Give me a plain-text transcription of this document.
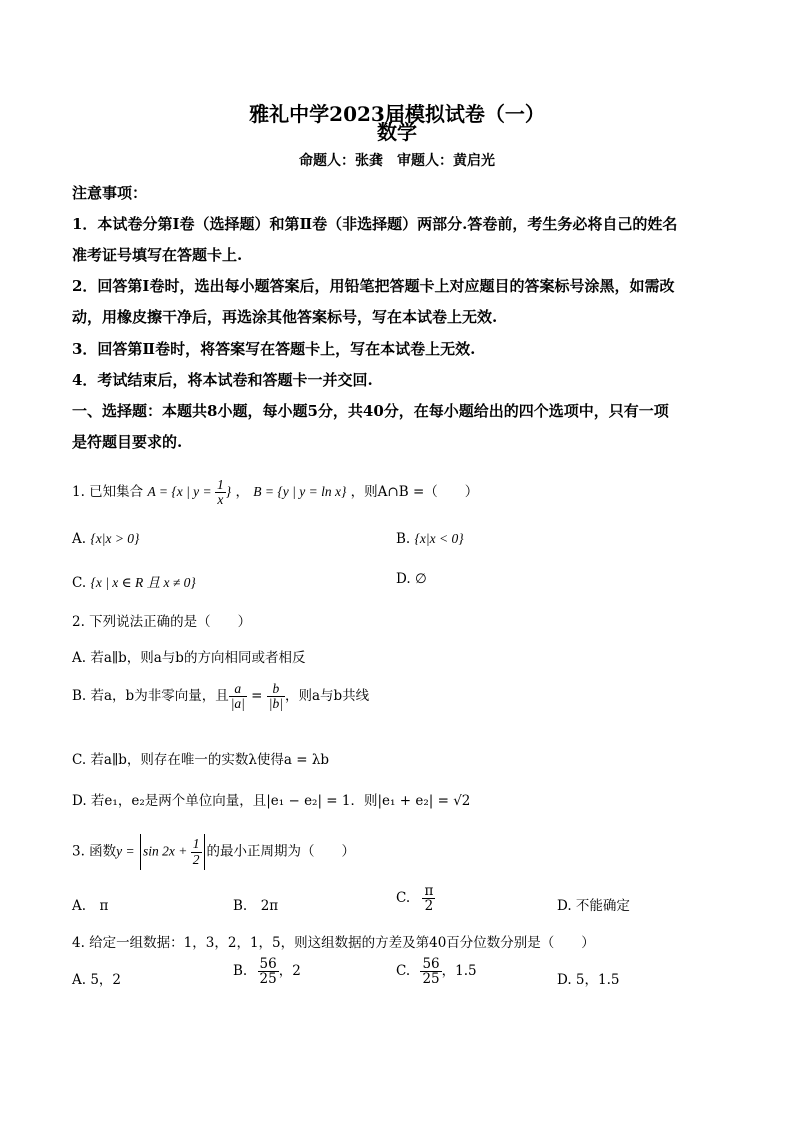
雅礼中学2023届模拟试卷（一）
数学
命题人：张龚　审题人：黄启光
注意事项：
1．本试卷分第Ⅰ卷（选择题）和第Ⅱ卷（非选择题）两部分.答卷前，考生务必将自己的姓名
准考证号填写在答题卡上.
2．回答第Ⅰ卷时，选出每小题答案后，用铅笔把答题卡上对应题目的答案标号涂黑，如需改
动，用橡皮擦干净后，再选涂其他答案标号，写在本试卷上无效.
3．回答第Ⅱ卷时，将答案写在答题卡上，写在本试卷上无效.
4．考试结束后，将本试卷和答题卡一并交回.
一、选择题：本题共8小题，每小题5分，共40分，在每小题给出的四个选项中，只有一项
是符题目要求的.
1. 已知集合 A = {x | $y = \frac{1}{x}$ } ， B = {y | y = ln x} ，则A∩B =（　　）
A. {x|x > 0}	B. {x|x < 0}
C. {x | x ∈ R 且 x ≠ 0}	D. ∅
2. 下列说法正确的是（　　）
A. 若a∥b，则a与b的方向相同或者相反
B. 若a，b为非零向量，且 $\frac{a}{|a|} = \frac{b}{|b|}$ ，则a与b共线
C. 若a∥b，则存在唯一的实数λ使得a = λb
D. 若e₁，e₂是两个单位向量，且|e₁ − e₂| = 1．则|e₁ + e₂| = √2
3. 函数$y = \sin 2x + \frac{1}{2}$ 的最小正周期为（　　）
A.　π	B.　2π	C. $\frac{\pi}{2}$	D. 不能确定
4. 给定一组数据：1，3，2，1，5，则这组数据的方差及第40百分位数分别是（　　）
A. 5，2
B. $\frac{56}{25}$ ，2	C. $\frac{56}{25}$ ，1.5
D. 5，1.5
